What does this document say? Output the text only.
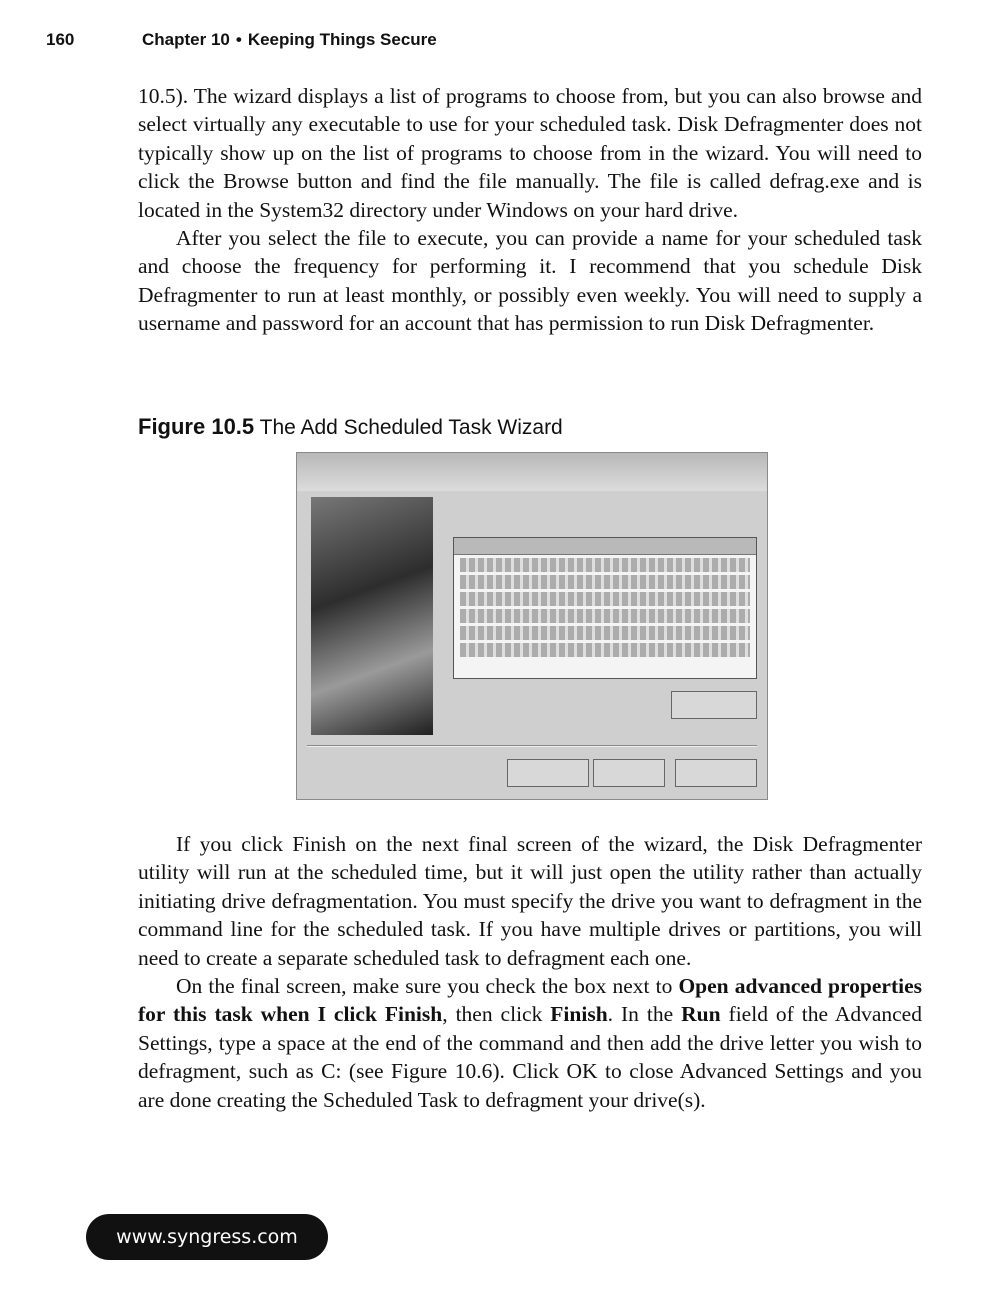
160	Chapter 10 • Keeping Things Secure

10.5). The wizard displays a list of programs to choose from, but you can also browse and select virtually any executable to use for your scheduled task. Disk Defragmenter does not typically show up on the list of programs to choose from in the wizard. You will need to click the Browse button and find the file manually. The file is called defrag.exe and is located in the System32 directory under Windows on your hard drive.

After you select the file to execute, you can provide a name for your scheduled task and choose the frequency for performing it. I recommend that you schedule Disk Defragmenter to run at least monthly, or possibly even weekly. You will need to supply a username and password for an account that has permission to run Disk Defragmenter.

Figure 10.5 The Add Scheduled Task Wizard

If you click Finish on the next final screen of the wizard, the Disk Defragmenter utility will run at the scheduled time, but it will just open the utility rather than actually initiating drive defragmentation. You must specify the drive you want to defragment in the command line for the scheduled task. If you have multiple drives or partitions, you will need to create a separate scheduled task to defragment each one.

On the final screen, make sure you check the box next to Open advanced properties for this task when I click Finish, then click Finish. In the Run field of the Advanced Settings, type a space at the end of the command and then add the drive letter you wish to defragment, such as C: (see Figure 10.6). Click OK to close Advanced Settings and you are done creating the Scheduled Task to defragment your drive(s).

www.syngress.com
